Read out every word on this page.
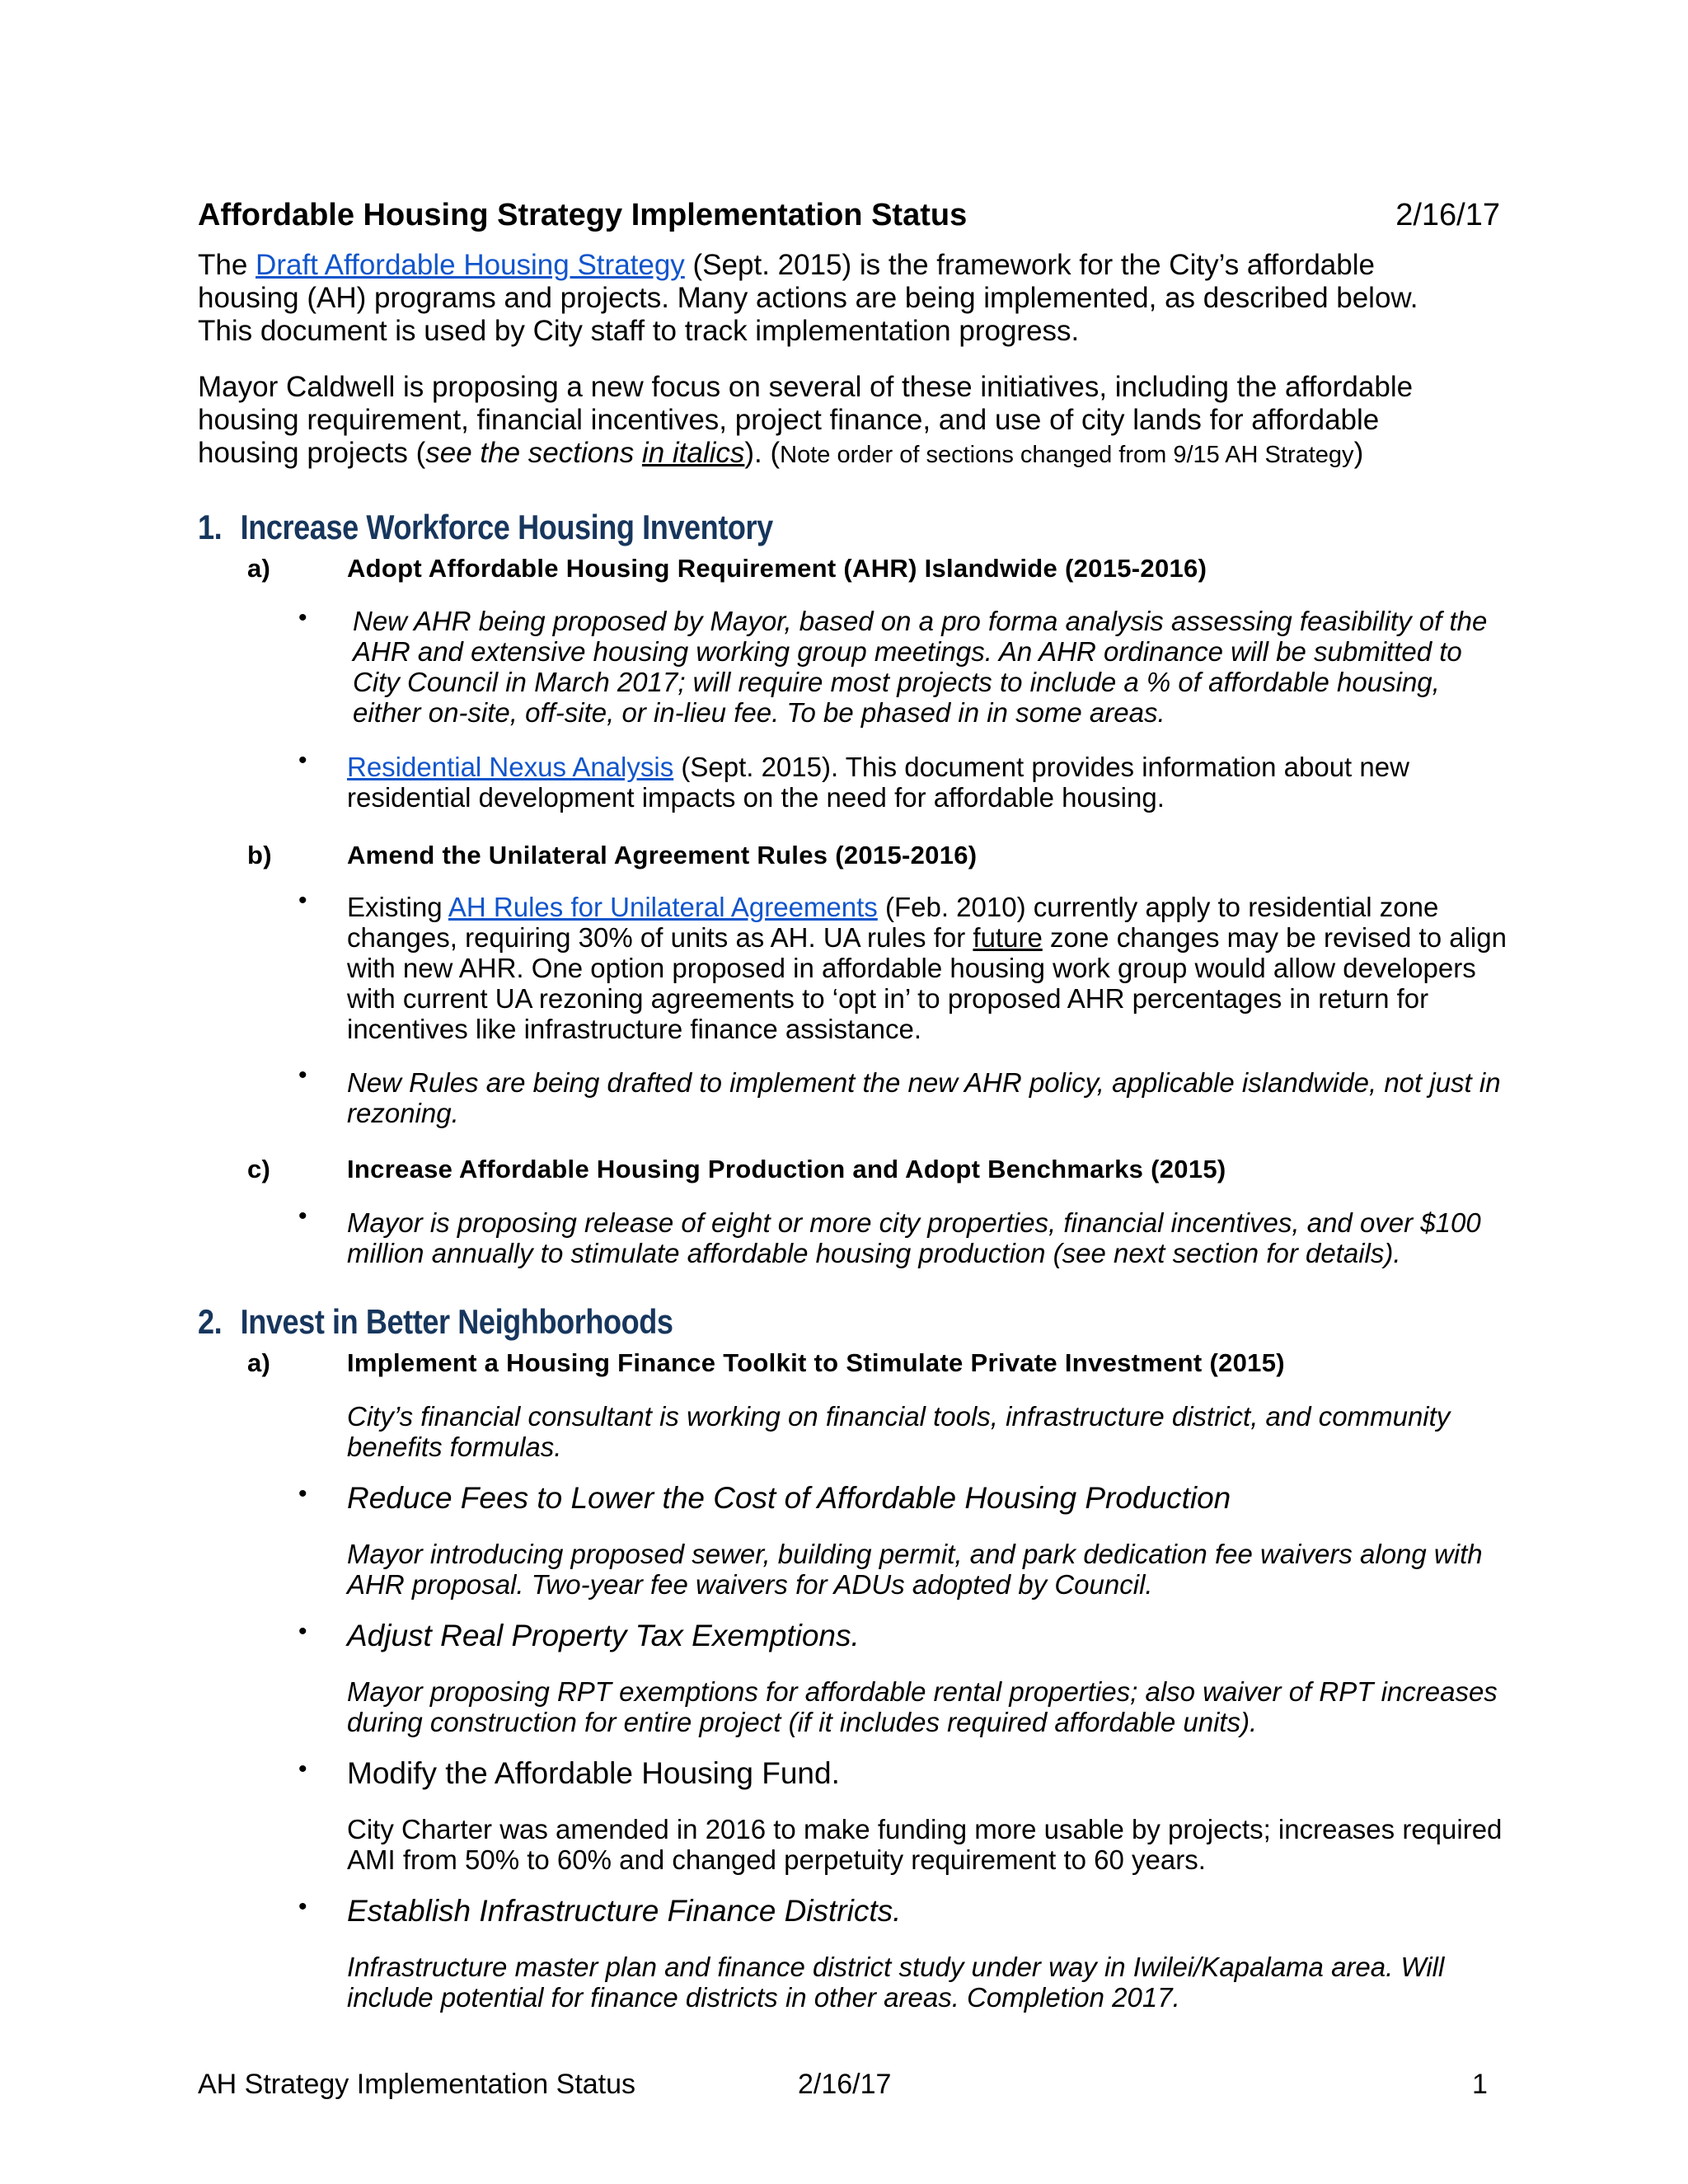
Affordable Housing Strategy Implementation Status	2/16/17
The Draft Affordable Housing Strategy (Sept. 2015) is the framework for the City’s affordable
housing (AH) programs and projects. Many actions are being implemented, as described below.
This document is used by City staff to track implementation progress.
Mayor Caldwell is proposing a new focus on several of these initiatives, including the affordable
housing requirement, financial incentives, project finance, and use of city lands for affordable
housing projects (see the sections in italics). (Note order of sections changed from 9/15 AH Strategy)
1. Increase Workforce Housing Inventory
a)	Adopt Affordable Housing Requirement (AHR) Islandwide (2015-2016)
• New AHR being proposed by Mayor, based on a pro forma analysis assessing feasibility of the
AHR and extensive housing working group meetings. An AHR ordinance will be submitted to
City Council in March 2017; will require most projects to include a % of affordable housing,
either on-site, off-site, or in-lieu fee. To be phased in in some areas.
• Residential Nexus Analysis (Sept. 2015). This document provides information about new
residential development impacts on the need for affordable housing.
b)	Amend the Unilateral Agreement Rules (2015-2016)
• Existing AH Rules for Unilateral Agreements (Feb. 2010) currently apply to residential zone
changes, requiring 30% of units as AH. UA rules for future zone changes may be revised to align
with new AHR. One option proposed in affordable housing work group would allow developers
with current UA rezoning agreements to ‘opt in’ to proposed AHR percentages in return for
incentives like infrastructure finance assistance.
• New Rules are being drafted to implement the new AHR policy, applicable islandwide, not just in
rezoning.
c)	Increase Affordable Housing Production and Adopt Benchmarks (2015)
• Mayor is proposing release of eight or more city properties, financial incentives, and over $100
million annually to stimulate affordable housing production (see next section for details).
2. Invest in Better Neighborhoods
a)	Implement a Housing Finance Toolkit to Stimulate Private Investment (2015)
City’s financial consultant is working on financial tools, infrastructure district, and community
benefits formulas.
• Reduce Fees to Lower the Cost of Affordable Housing Production
Mayor introducing proposed sewer, building permit, and park dedication fee waivers along with
AHR proposal. Two-year fee waivers for ADUs adopted by Council.
• Adjust Real Property Tax Exemptions.
Mayor proposing RPT exemptions for affordable rental properties; also waiver of RPT increases
during construction for entire project (if it includes required affordable units).
• Modify the Affordable Housing Fund.
City Charter was amended in 2016 to make funding more usable by projects; increases required
AMI from 50% to 60% and changed perpetuity requirement to 60 years.
• Establish Infrastructure Finance Districts.
Infrastructure master plan and finance district study under way in Iwilei/Kapalama area. Will
include potential for finance districts in other areas. Completion 2017.
AH Strategy Implementation Status	2/16/17	1
